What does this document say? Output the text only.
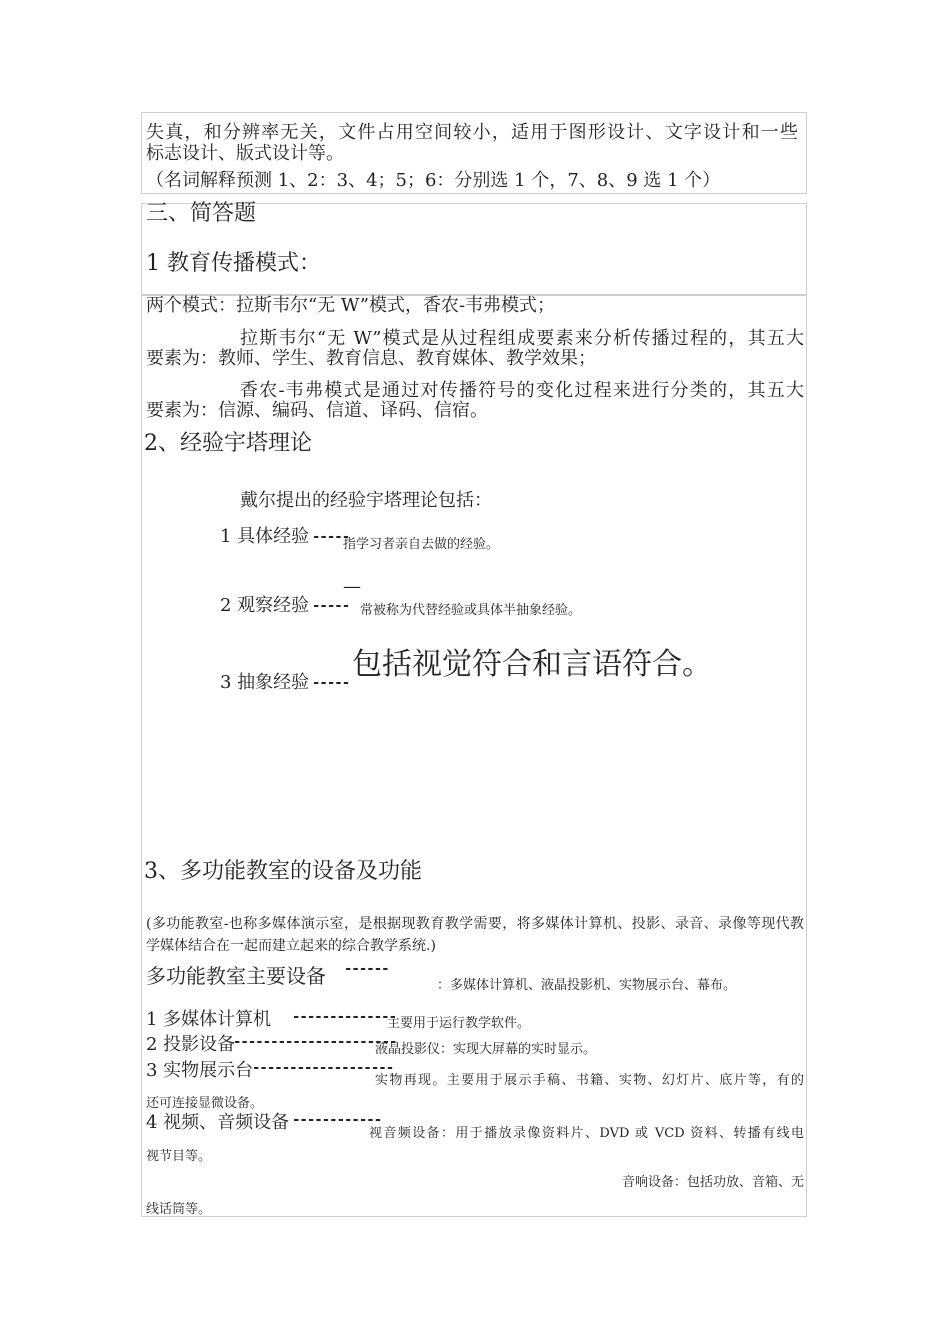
失真，和分辨率无关，文件占用空间较小，适用于图形设计、文字设计和一些
标志设计、版式设计等。
（名词解释预测 1、2：3、4；5；6：分别选 1 个，7、8、9 选 1 个）
三、简答题
1 教育传播模式：
两个模式：拉斯韦尔“无 W”模式，香农-韦弗模式；
拉斯韦尔“无 W”模式是从过程组成要素来分析传播过程的，其五大
要素为：教师、学生、教育信息、教育媒体、教学效果；
香农-韦弗模式是通过对传播符号的变化过程来进行分类的，其五大
要素为：信源、编码、信道、译码、信宿。
2、经验宇塔理论
戴尔提出的经验宇塔理论包括：
1 具体经验 -----
指学习者亲自去做的经验。
—
2 观察经验 ----- 常被称为代替经验或具体半抽象经验。
3 抽象经验 -----
包括视觉符合和言语符合。
3、多功能教室的设备及功能
(多功能教室-也称多媒体演示室，是根据现教育教学需要，将多媒体计算机、投影、录音、录像等现代教
学媒体结合在一起而建立起来的综合教学系统.)
多功能教室主要设备 ------
：多媒体计算机、液晶投影机、实物展示台、幕布。
1 多媒体计算机 --------------
主要用于运行教学软件。
2 投影设备
----------------------
液晶投影仪：实现大屏幕的实时显示。
3 实物展示台
-------------------
实物再现。主要用于展示手稿、书籍、实物、幻灯片、底片等，有的
还可连接显微设备。
4 视频、音频设备 ------------
视音频设备：用于播放录像资料片、DVD 或 VCD 资料、转播有线电
视节目等。
音响设备：包括功放、音箱、无
线话筒等。
